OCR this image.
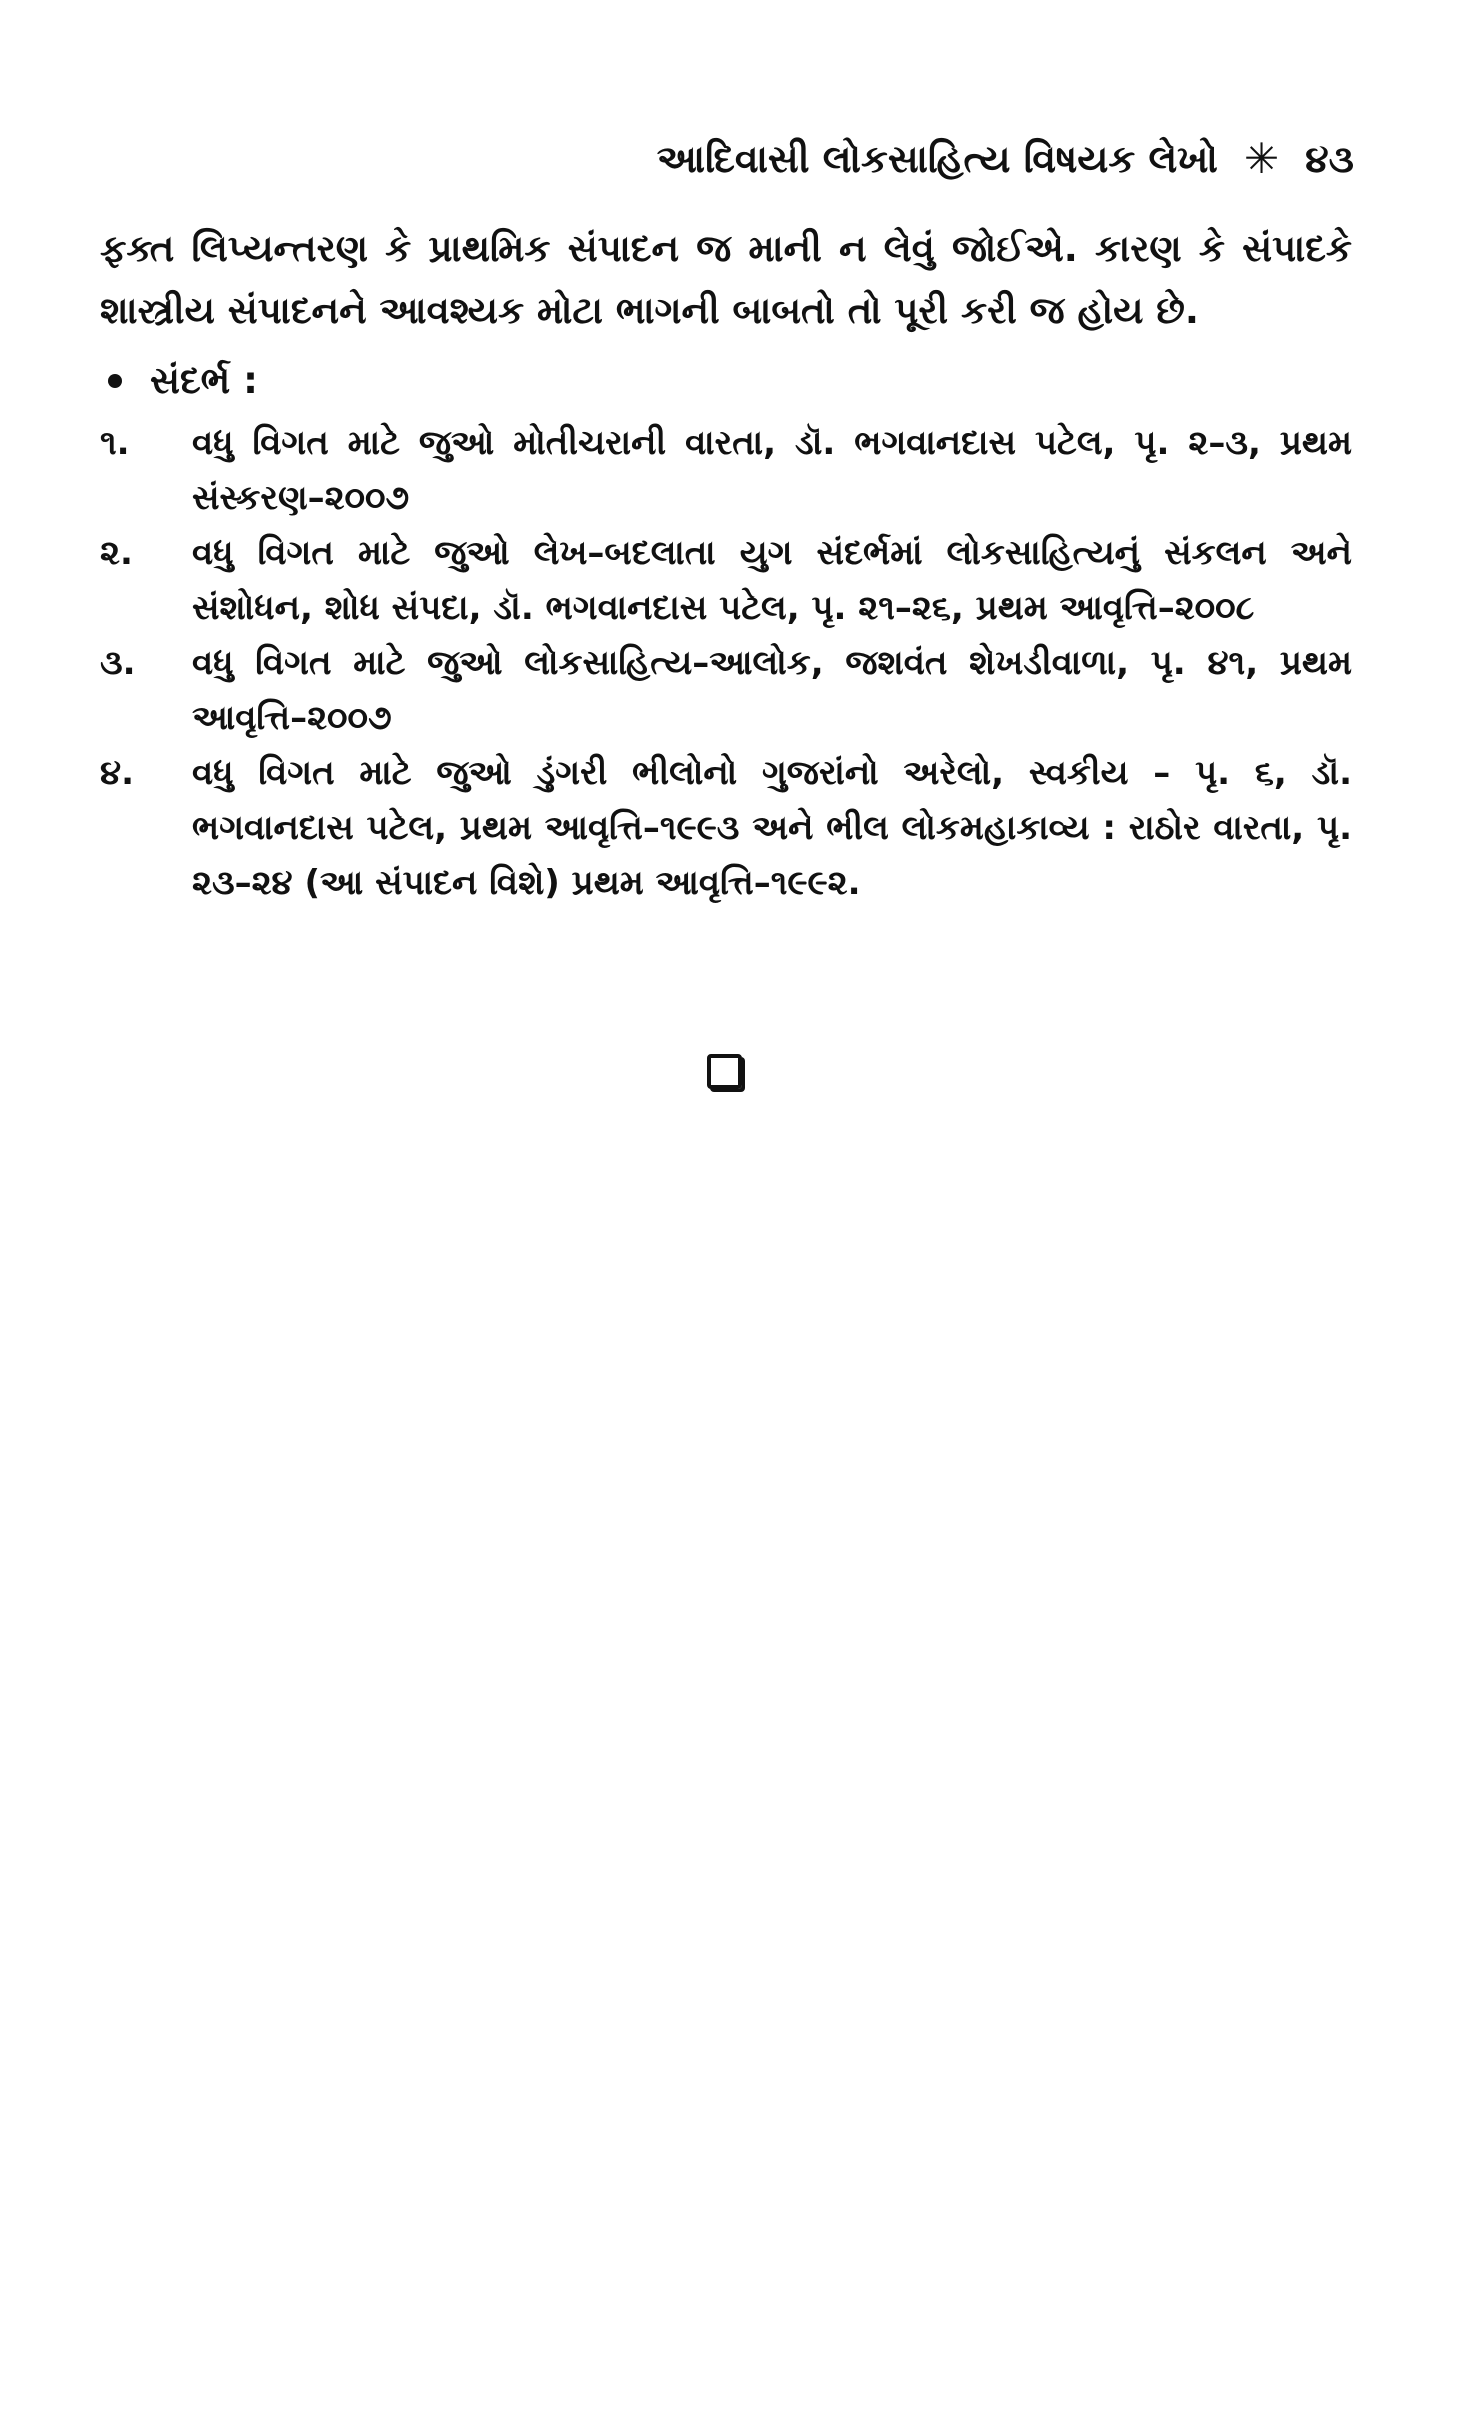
આદિવાસી લોકસાહિત્ય વિષયક લેખો ✳ ૪૩

ફક્ત લિપ્યન્તરણ કે પ્રાથમિક સંપાદન જ માની ન લેવું જોઈએ. કારણ કે સંપાદકે શાસ્ત્રીય સંપાદનને આવશ્યક મોટા ભાગની બાબતો તો પૂરી કરી જ હોય છે.

સંદર્ભ :
૧.	વધુ વિગત માટે જુઓ મોતીચરાની વારતા, ડૉ. ભગવાનદાસ પટેલ, પૃ. ૨–૩, પ્રથમ સંસ્કરણ–૨૦૦૭
૨.	વધુ વિગત માટે જુઓ લેખ–બદલાતા યુગ સંદર્ભમાં લોકસાહિત્યનું સંકલન અને સંશોધન, શોધ સંપદા, ડૉ. ભગવાનદાસ પટેલ, પૃ. ૨૧–૨૬, પ્રથમ આવૃત્તિ–૨૦૦૮
૩.	વધુ વિગત માટે જુઓ લોકસાહિત્ય–આલોક, જશવંત શેખડીવાળા, પૃ. ૪૧, પ્રથમ આવૃત્તિ–૨૦૦૭
૪.	વધુ વિગત માટે જુઓ ડુંગરી ભીલોનો ગુજરાંનો અરેલો, સ્વકીય – પૃ. ૬, ડૉ. ભગવાનદાસ પટેલ, પ્રથમ આવૃત્તિ–૧૯૯૩ અને ભીલ લોકમહાકાવ્ય : રાઠોર વારતા, પૃ. ૨૩–૨૪ (આ સંપાદન વિશે) પ્રથમ આવૃત્તિ–૧૯૯૨.
